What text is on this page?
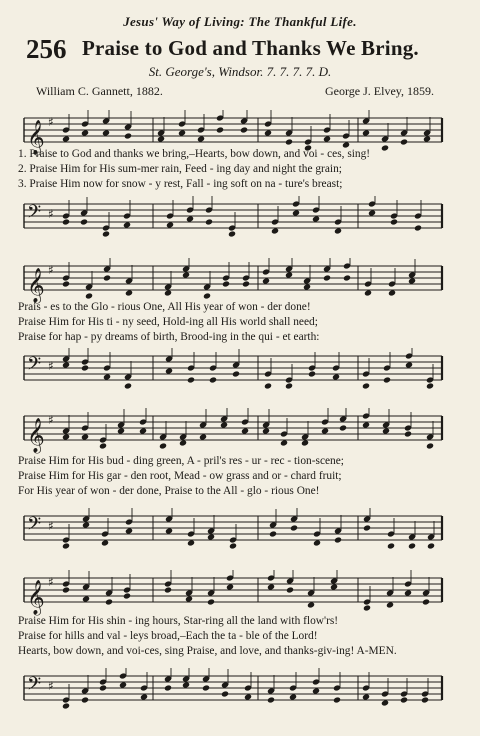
Jesus' Way of Living: The Thankful Life.
256 Praise to God and Thanks We Bring.
St. George's, Windsor. 7. 7. 7. 7. D.
William C. Gannett, 1882.	George J. Elvey, 1859.
𝄞 ♯
1. Praise to God and thanks we bring,–Hearts, bow down, and voi - ces, sing!
2. Praise Him for His sum-mer rain, Feed - ing day and night the grain;
3. Praise Him now for snow - y rest, Fall - ing soft on na - ture's breast;
𝄢 ♯
𝄞 ♯
Prais - es to the Glo - rious One, All His year of won - der done!
Praise Him for His ti - ny seed, Hold-ing all His world shall need;
Praise for hap - py dreams of birth, Brood-ing in the qui - et earth:
𝄢 ♯
𝄞 ♯
Praise Him for His bud - ding green, A - pril's res - ur - rec - tion-scene;
Praise Him for His gar - den root, Mead - ow grass and or - chard fruit;
For His year of won - der done, Praise to the All - glo - rious One!
𝄢 ♯
𝄞 ♯
Praise Him for His shin - ing hours, Star-ring all the land with flow'rs!
Praise for hills and val - leys broad,–Each the ta - ble of the Lord!
Hearts, bow down, and voi-ces, sing Praise, and love, and thanks-giv-ing! A-MEN.
𝄢 ♯
